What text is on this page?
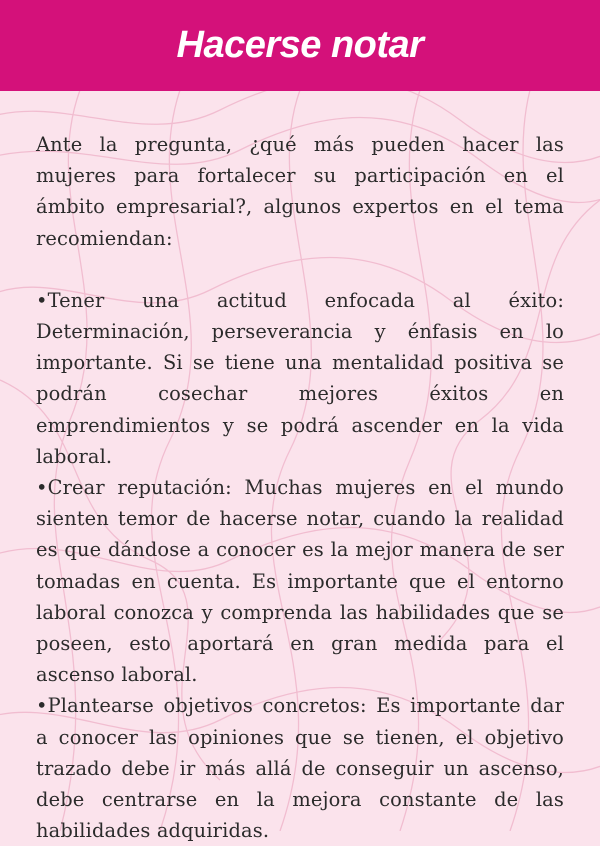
Hacerse notar

Ante la pregunta, ¿qué más pueden hacer las mujeres para fortalecer su participación en el ámbito empresarial?, algunos expertos en el tema recomiendan:

•Tener una actitud enfocada al éxito: Determinación, perseverancia y énfasis en lo importante. Si se tiene una mentalidad positiva se podrán cosechar mejores éxitos en emprendimientos y se podrá ascender en la vida laboral.

•Crear reputación: Muchas mujeres en el mundo sienten temor de hacerse notar, cuando la realidad es que dándose a conocer es la mejor manera de ser tomadas en cuenta. Es importante que el entorno laboral conozca y comprenda las habilidades que se poseen, esto aportará en gran medida para el ascenso laboral.

•Plantearse objetivos concretos: Es importante dar a conocer las opiniones que se tienen, el objetivo trazado debe ir más allá de conseguir un ascenso, debe centrarse en la mejora constante de las habilidades adquiridas.
